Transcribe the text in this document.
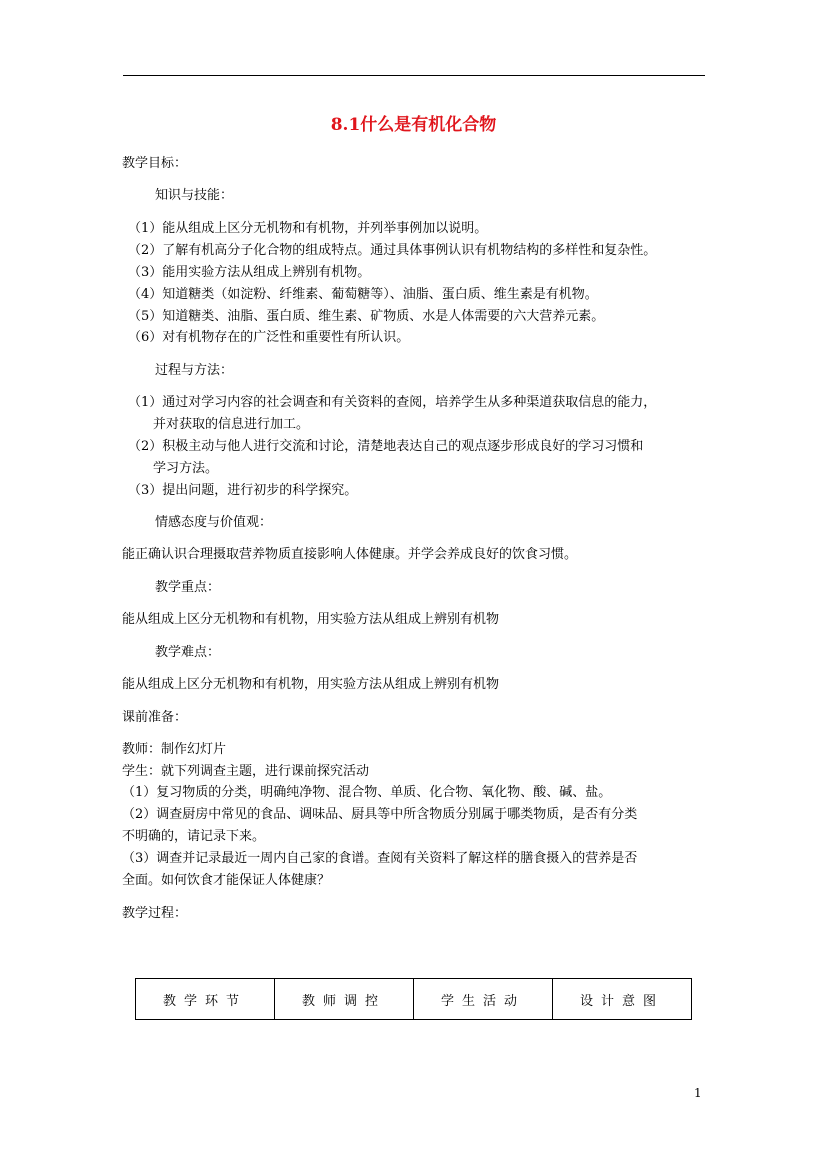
8.1什么是有机化合物
教学目标：
知识与技能：
（1）能从组成上区分无机物和有机物，并列举事例加以说明。
（2）了解有机高分子化合物的组成特点。通过具体事例认识有机物结构的多样性和复杂性。
（3）能用实验方法从组成上辨别有机物。
（4）知道糖类（如淀粉、纤维素、葡萄糖等）、油脂、蛋白质、维生素是有机物。
（5）知道糖类、油脂、蛋白质、维生素、矿物质、水是人体需要的六大营养元素。
（6）对有机物存在的广泛性和重要性有所认识。
过程与方法：
（1）通过对学习内容的社会调查和有关资料的查阅，培养学生从多种渠道获取信息的能力，
并对获取的信息进行加工。
（2）积极主动与他人进行交流和讨论，清楚地表达自己的观点逐步形成良好的学习习惯和
学习方法。
（3）提出问题，进行初步的科学探究。
情感态度与价值观：
能正确认识合理摄取营养物质直接影响人体健康。并学会养成良好的饮食习惯。
教学重点：
能从组成上区分无机物和有机物，用实验方法从组成上辨别有机物
教学难点：
能从组成上区分无机物和有机物，用实验方法从组成上辨别有机物
课前准备：
教师：制作幻灯片
学生：就下列调查主题，进行课前探究活动
（1）复习物质的分类，明确纯净物、混合物、单质、化合物、氧化物、酸、碱、盐。
（2）调查厨房中常见的食品、调味品、厨具等中所含物质分别属于哪类物质，是否有分类
不明确的，请记录下来。
（3）调查并记录最近一周内自己家的食谱。查阅有关资料了解这样的膳食摄入的营养是否
全面。如何饮食才能保证人体健康？
教学过程：
教学环节	教师调控	学生活动	设计意图
1
